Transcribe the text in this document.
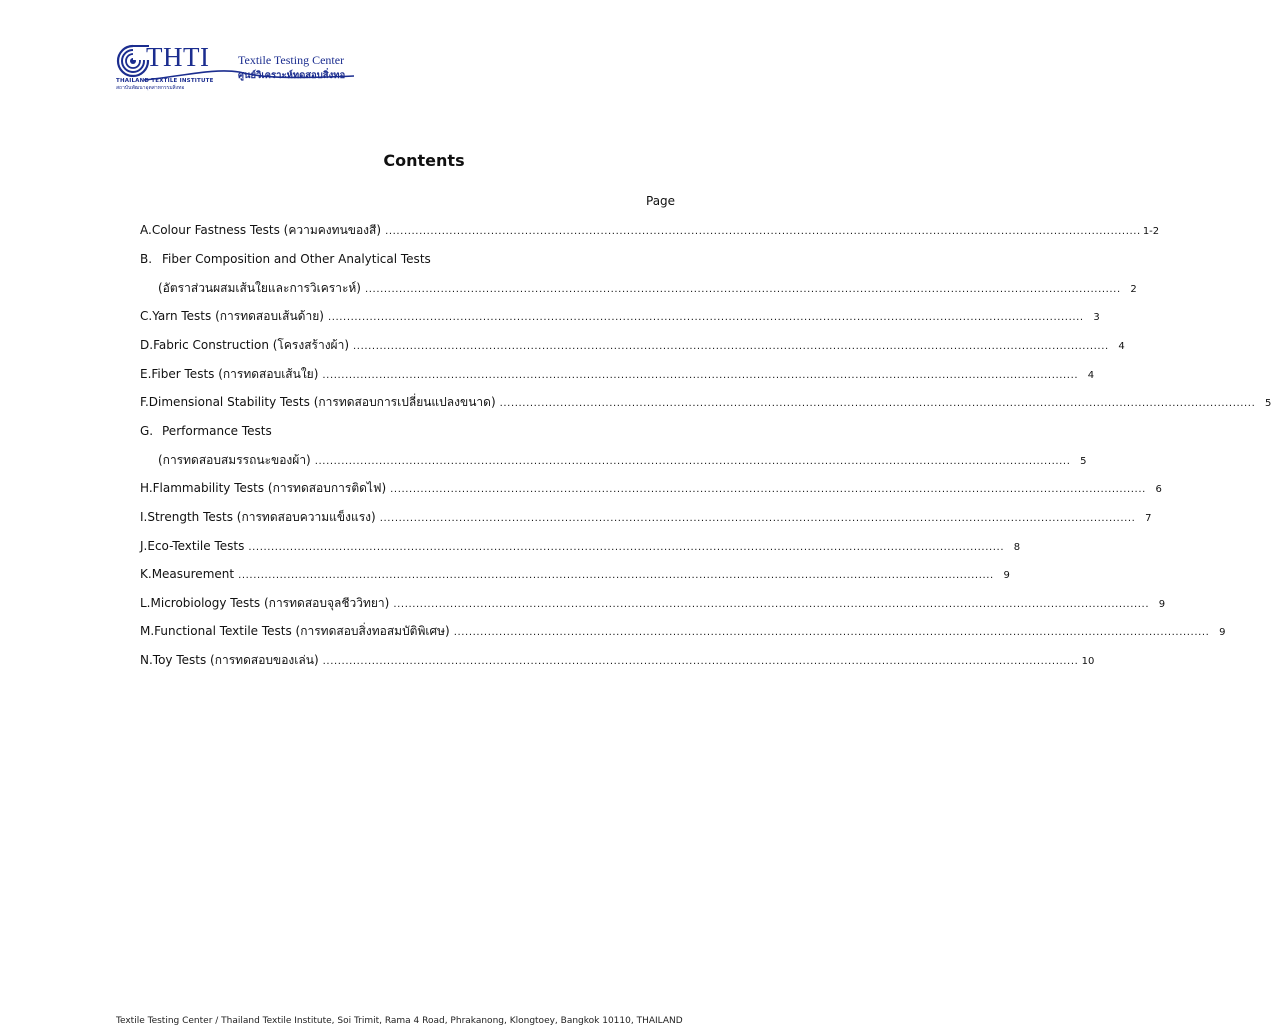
THTI Textile Testing Center
ศูนย์วิเคราะห์ทดสอบสิ่งทอ
THAILAND TEXTILE INSTITUTE
สถาบันพัฒนาอุตสาหกรรมสิ่งทอ
Contents
Page
A. Colour Fastness Tests (ความคงทนของสี) ........................................................................................................................................................................................................ 1-2
B. Fiber Composition and Other Analytical Tests
(อัตราส่วนผสมเส้นใยและการวิเคราะห์) ........................................................................................................................................................................................................ 2
C. Yarn Tests (การทดสอบเส้นด้าย) ........................................................................................................................................................................................................ 3
D. Fabric Construction (โครงสร้างผ้า) ........................................................................................................................................................................................................ 4
E. Fiber Tests (การทดสอบเส้นใย) ........................................................................................................................................................................................................ 4
F. Dimensional Stability Tests (การทดสอบการเปลี่ยนแปลงขนาด) ........................................................................................................................................................................................................ 5
G. Performance Tests
(การทดสอบสมรรถนะของผ้า) ........................................................................................................................................................................................................ 5
H. Flammability Tests (การทดสอบการติดไฟ) ........................................................................................................................................................................................................ 6
I. Strength Tests (การทดสอบความแข็งแรง) ........................................................................................................................................................................................................ 7
J. Eco-Textile Tests ........................................................................................................................................................................................................ 8
K. Measurement ........................................................................................................................................................................................................ 9
L. Microbiology Tests (การทดสอบจุลชีววิทยา) ........................................................................................................................................................................................................ 9
M. Functional Textile Tests (การทดสอบสิ่งทอสมบัติพิเศษ) ........................................................................................................................................................................................................ 9
N. Toy Tests (การทดสอบของเล่น) ........................................................................................................................................................................................................ 10
Textile Testing Center / Thailand Textile Institute, Soi Trimit, Rama 4 Road, Phrakanong, Klongtoey, Bangkok 10110, THAILAND
